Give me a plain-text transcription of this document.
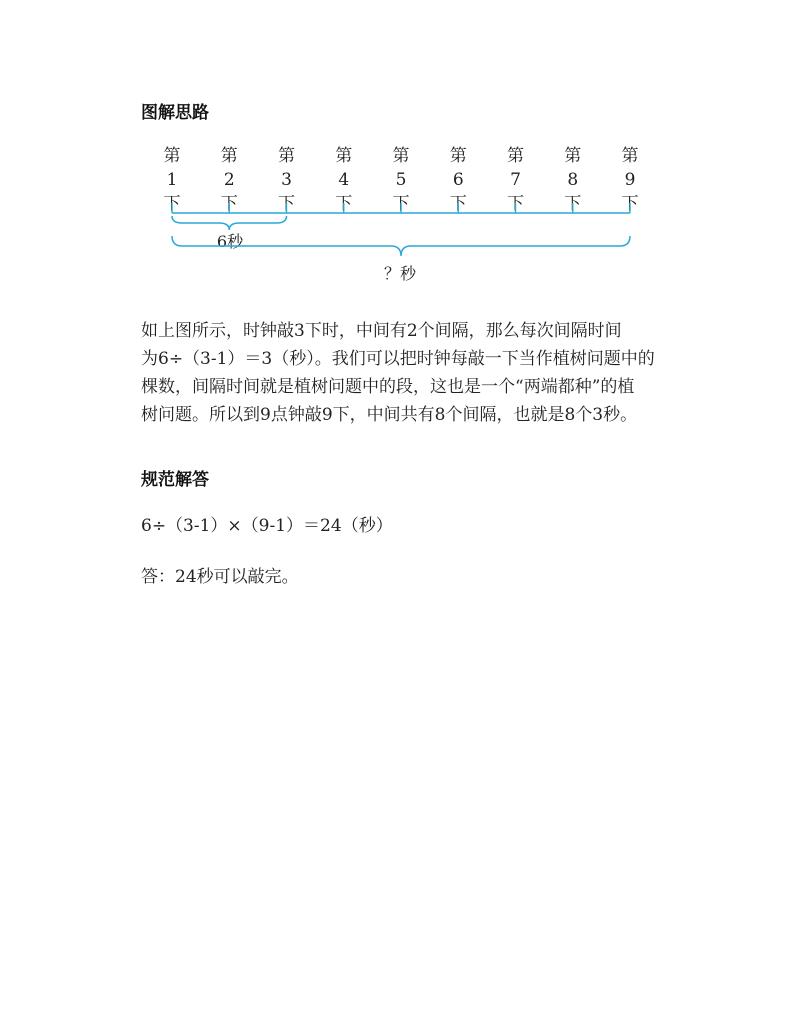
图解思路
第
1
下
第
2
下
第
3
下
第
4
下
第
5
下
第
6
下
第
7
下
第
8
下
第
9
下
6秒
？秒
如上图所示，时钟敲3下时，中间有2个间隔，那么每次间隔时间
为6÷（3-1）＝3（秒）。我们可以把时钟每敲一下当作植树问题中的
棵数，间隔时间就是植树问题中的段，这也是一个“两端都种”的植
树问题。所以到9点钟敲9下，中间共有8个间隔，也就是8个3秒。
规范解答

6÷（3-1）×（9-1）＝24（秒）

答：24秒可以敲完。
